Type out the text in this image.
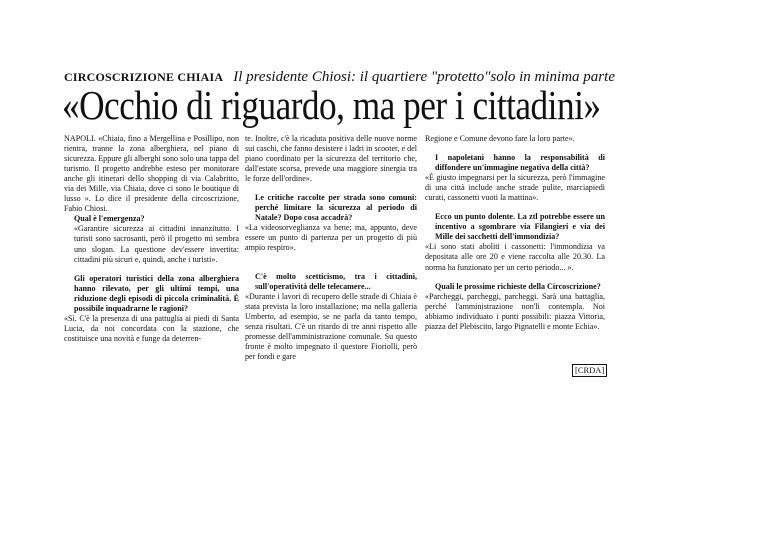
CIRCOSCRIZIONE CHIAIA Il presidente Chiosi: il quartiere "protetto"solo in minima parte
«Occhio di riguardo, ma per i cittadini»

NAPOLI. «Chiaia, fino a Mergellina e Posillipo, non rientra, tranne la zona alberghiera, nel piano di sicurezza. Eppure gli alberghi sono solo una tappa del turismo. Il progetto andrebbe esteso per monitorare anche gli itinerari dello shopping di via Calabritto, via dei Mille, via Chiaia, dove ci sono le boutique di lusso ». Lo dice il presidente della circoscrizione, Fabio Chiosi.

Qual è l'emergenza?

«Garantire sicurezza ai cittadini innanzitutto. I turisti sono sacrosanti, però il progetto mi sembra uno slogan. La questione dev'essere invertita: cittadini più sicuri e, quindi, anche i turisti».

Gli operatori turistici della zona alberghiera hanno rilevato, per gli ultimi tempi, una riduzione degli episodi di piccola criminalità. È possibile inquadrarne le ragioni?

«Sì. C'è la presenza di una pattuglia ai piedi di Santa Lucia, da noi concordata con la stazione, che costituisce una novità e funge da deterren-

te. Inoltre, c'è la ricaduta positiva delle nuove norme sui caschi, che fanno desistere i ladri in scooter, e del piano coordinato per la sicurezza del territorio che, dall'estate scorsa, prevede una maggiore sinergia tra le forze dell'ordine».

Le critiche raccolte per strada sono comuni: perché limitare la sicurezza al periodo di Natale? Dopo cosa accadrà?

«La videosorveglianza va bene; ma, appunto, deve essere un punto di partenza per un progetto di più ampio respiro».

C'è molto scetticismo, tra i cittadini, sull'operatività delle telecamere...

«Durante i lavori di recupero delle strade di Chiaia è stata prevista la loro installazione; ma nella galleria Umberto, ad esempio, se ne parla da tanto tempo, senza risultati. C'è un ritardo di tre anni rispetto alle promesse dell'amministrazione comunale. Su questo fronte è molto impegnato il questore Fioriolli, però per fondi e gare

Regione e Comune devono fare la loro parte».

I napoletani hanno la responsabilità di diffondere un'immagine negativa della città?

«È giusto impegnarsi per la sicurezza, però l'immagine di una città include anche strade pulite, marciapiedi curati, cassonetti vuoti la mattina».

Ecco un punto dolente. La ztl potrebbe essere un incentivo a sgombrare via Filangieri e via dei Mille dei sacchetti dell'immondizia?

«Li sono stati aboliti i cassonetti: l'immondizia va depositata alle ore 20 e viene raccolta alle 20.30. La norma ha funzionato per un certo periodo... ».

Quali le prossime richieste della Circoscrizione?

«Parcheggi, parcheggi, parcheggi. Sarà una battaglia, perché l'amministrazione non'li contempla. Noi abbiamo individuato i punti possibili: piazza Vittoria, piazza del Plebiscito, largo Pignatelli e monte Echia».

[CRDA]
